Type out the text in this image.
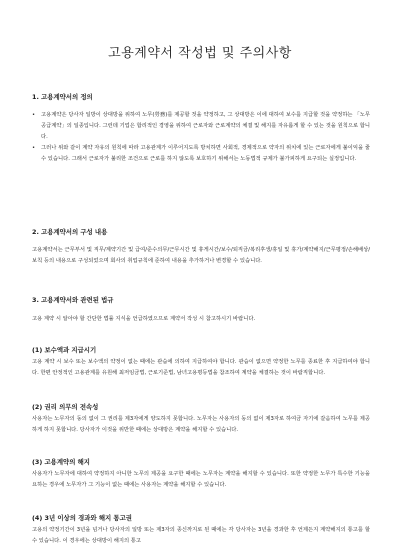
고용계약서 작성법 및 주의사항
1. 고용계약서의 정의
• 고용계약은 당사자 일방이 상대방을 위하여 노무(勞務)를 제공할 것을 약정하고, 그 상대방은 이에 대하여 보수를 지급할 것을 약정하는 「노무공급계약」의 일종입니다. 그런데 기업은 합리적인 경영을 위하여 근로자와 근로계약의 체결 및 해지를 자유롭게 할 수 있는 것을 원칙으로 합니다.
• 그러나 위와 같이 계약 자유의 원칙에 따라 고용관계가 이루어지도록 방치하면 사회적, 경제적으로 약자의 위치에 있는 근로자에게 불이익을 줄 수 있습니다. 그래서 근로자가 불리한 조건으로 근로를 하지 않도록 보호하기 위해서는 노동법적 규제가 불가피하게 요구되는 실정입니다.
2. 고용계약서의 구성 내용

고용계약서는 근무부서 및 직무/계약기간 및 급여/준수의무/근무시간 및 휴게시간/보수/퇴직금/복리후생/휴일 및 휴가/계약해지/근무평정/손해배상/보칙 등의 내용으로 구성되었으며 회사의 취업규칙에 준하여 내용을 추가하거나 변경할 수 있습니다.

3. 고용계약서와 관련된 법규

고용 계약 시 알아야 할 간단한 법률 지식을 언급하였으므로 계약서 작성 시 참고하시기 바랍니다.

(1) 보수액과 지급시기

고용 계약 시 보수 또는 보수액의 약정이 없는 때에는 관습에 의하여 지급하여야 합니다. 관습이 없으면 약정한 노무를 종료한 후 지급하여야 합니다. 한편 안정적인 고용관계를 유원해 최저임금법, 근로기준법, 남녀고용평등법을 참조하여 계약을 체결하는 것이 바람직합니다.

(2) 권리 의무의 전속성

사용자는 노무자의 동의 없이 그 권리를 제3자에게 양도하지 못합니다. 노무자는 사용자의 동의 없이 제3자로 하여금 자기에 갈음하여 노무를 제공하게 하지 못합니다. 당사자가 이것을 위반한 때에는 상대방은 계약을 해지할 수 있습니다.

(3) 고용계약의 해지

사용자가 노무자에 대하여 약정하지 아니한 노무의 제공을 요구한 때에는 노무자는 계약을 해지할 수 있습니다. 또한 약정한 노무가 특수한 기능을 요하는 경우에 노무자가 그 기능이 없는 때에는 사용자는 계약을 해지할 수 있습니다.

(4) 3년 이상의 경과와 해지 통고권

고용의 약정기간이 3년을 넘거나 당사자의 일방 또는 제3자의 종신까지로 된 때에는 각 당사자는 3년을 경과한 후 언제든지 계약해지의 통고를 할 수 있습니다. 이 경우에는 상대방이 해지의 통고
